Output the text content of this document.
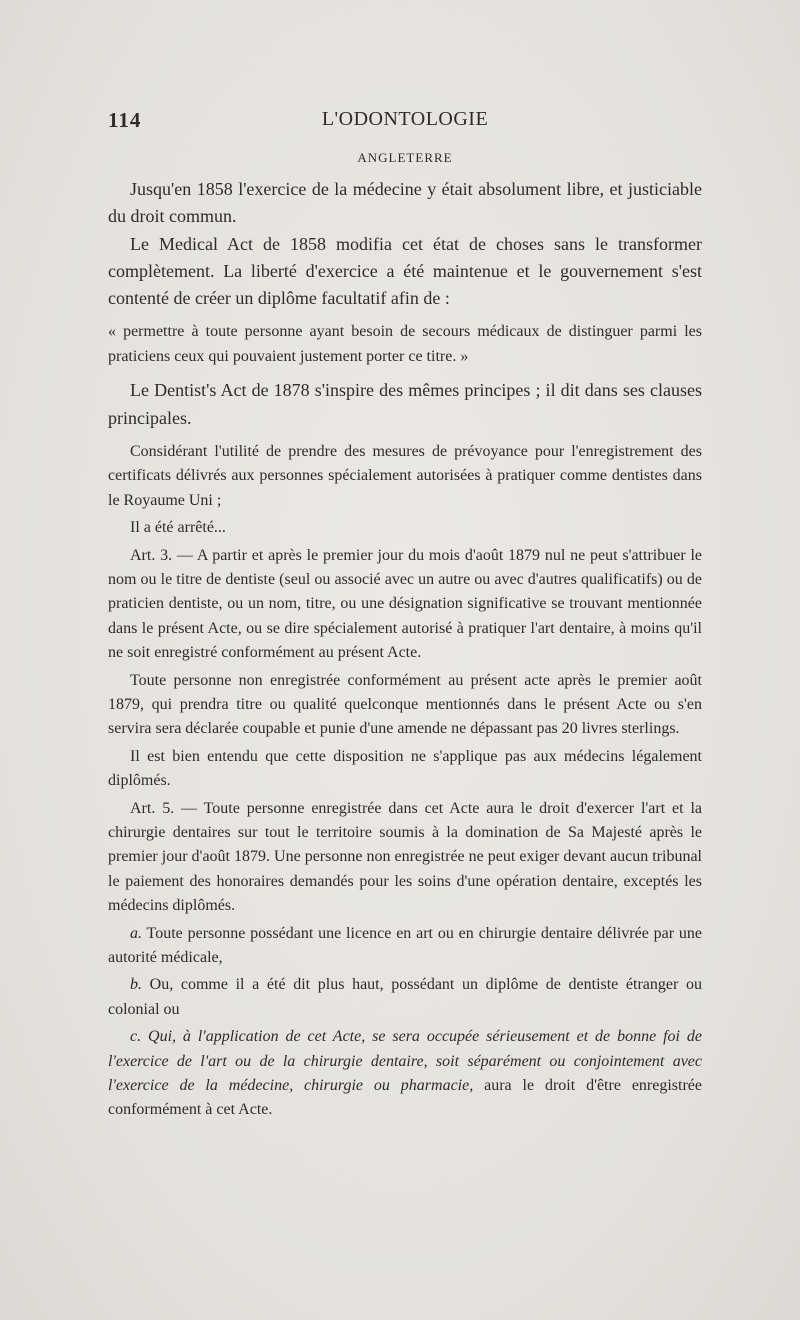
114	L'ODONTOLOGIE
ANGLETERRE

Jusqu'en 1858 l'exercice de la médecine y était absolument libre, et justiciable du droit commun.

Le Medical Act de 1858 modifia cet état de choses sans le transformer complètement. La liberté d'exercice a été maintenue et le gouvernement s'est contenté de créer un diplôme facultatif afin de :

« permettre à toute personne ayant besoin de secours médicaux de distinguer parmi les praticiens ceux qui pouvaient justement porter ce titre. »

Le Dentist's Act de 1878 s'inspire des mêmes principes ; il dit dans ses clauses principales.

Considérant l'utilité de prendre des mesures de prévoyance pour l'enregistrement des certificats délivrés aux personnes spécialement autorisées à pratiquer comme dentistes dans le Royaume Uni ;

Il a été arrêté...

Art. 3. — A partir et après le premier jour du mois d'août 1879 nul ne peut s'attribuer le nom ou le titre de dentiste (seul ou associé avec un autre ou avec d'autres qualificatifs) ou de praticien dentiste, ou un nom, titre, ou une désignation significative se trouvant mentionnée dans le présent Acte, ou se dire spécialement autorisé à pratiquer l'art dentaire, à moins qu'il ne soit enregistré conformément au présent Acte.

Toute personne non enregistrée conformément au présent acte après le premier août 1879, qui prendra titre ou qualité quelconque mentionnés dans le présent Acte ou s'en servira sera déclarée coupable et punie d'une amende ne dépassant pas 20 livres sterlings.

Il est bien entendu que cette disposition ne s'applique pas aux médecins légalement diplômés.

Art. 5. — Toute personne enregistrée dans cet Acte aura le droit d'exercer l'art et la chirurgie dentaires sur tout le territoire soumis à la domination de Sa Majesté après le premier jour d'août 1879. Une personne non enregistrée ne peut exiger devant aucun tribunal le paiement des honoraires demandés pour les soins d'une opération dentaire, exceptés les médecins diplômés.

a. Toute personne possédant une licence en art ou en chirurgie dentaire délivrée par une autorité médicale,

b. Ou, comme il a été dit plus haut, possédant un diplôme de dentiste étranger ou colonial ou

c. Qui, à l'application de cet Acte, se sera occupée sérieusement et de bonne foi de l'exercice de l'art ou de la chirurgie dentaire, soit séparément ou conjointement avec l'exercice de la médecine, chirurgie ou pharmacie, aura le droit d'être enregistrée conformément à cet Acte.
